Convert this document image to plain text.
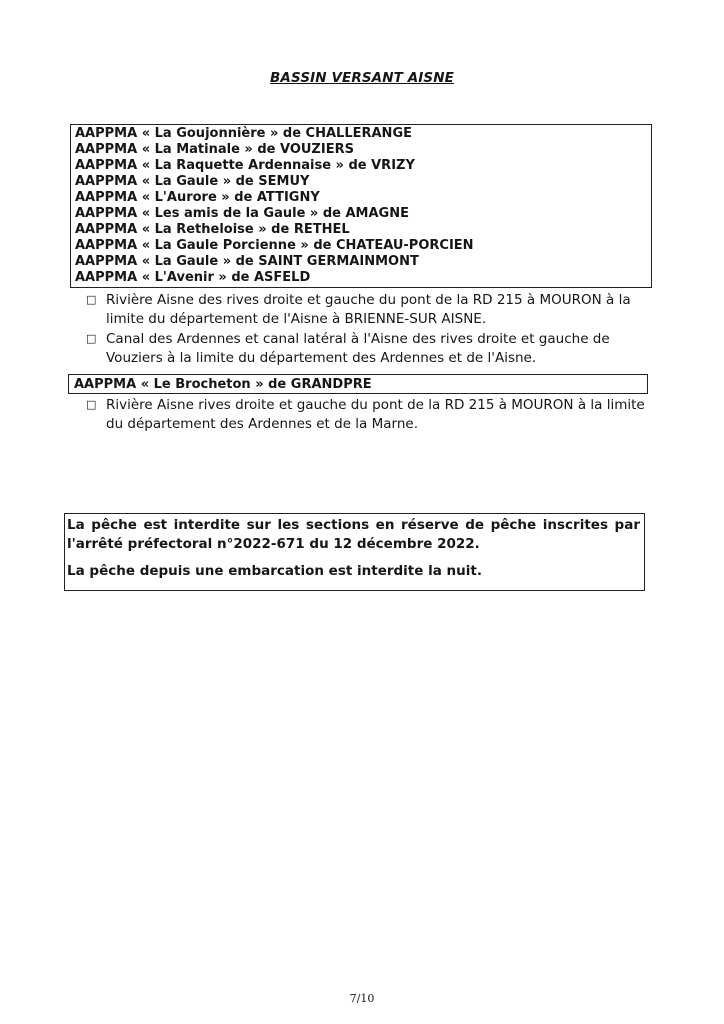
BASSIN VERSANT AISNE
AAPPMA « La Goujonnière » de CHALLERANGE
AAPPMA « La Matinale » de VOUZIERS
AAPPMA « La Raquette Ardennaise » de VRIZY
AAPPMA « La Gaule » de SEMUY
AAPPMA « L'Aurore » de ATTIGNY
AAPPMA « Les amis de la Gaule » de AMAGNE
AAPPMA « La Retheloise » de RETHEL
AAPPMA « La Gaule Porcienne » de CHATEAU-PORCIEN
AAPPMA « La Gaule » de SAINT GERMAINMONT
AAPPMA « L'Avenir » de ASFELD
□ Rivière Aisne des rives droite et gauche du pont de la RD 215 à MOURON à la limite du département de l'Aisne à BRIENNE-SUR AISNE.
□ Canal des Ardennes et canal latéral à l'Aisne des rives droite et gauche de Vouziers à la limite du département des Ardennes et de l'Aisne.
AAPPMA « Le Brocheton » de GRANDPRE
□ Rivière Aisne rives droite et gauche du pont de la RD 215 à MOURON à la limite du département des Ardennes et de la Marne.
La pêche est interdite sur les sections en réserve de pêche inscrites par l'arrêté préfectoral n°2022-671 du 12 décembre 2022.
La pêche depuis une embarcation est interdite la nuit.
7/10
